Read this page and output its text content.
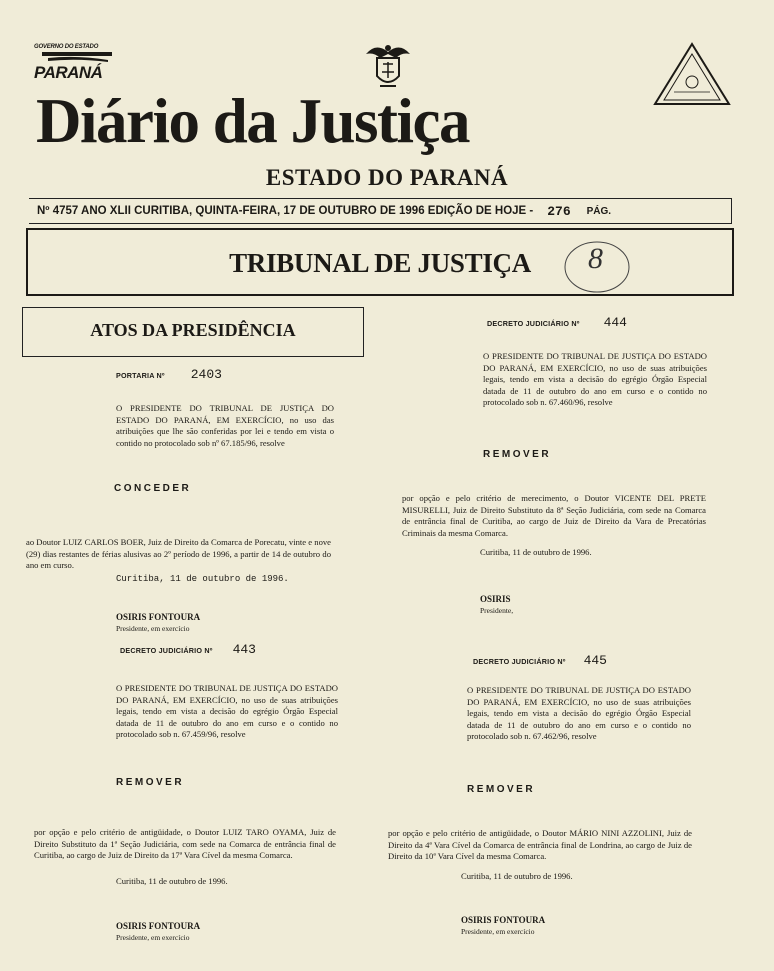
GOVERNO DO ESTADO
PARANÁ
Diário da Justiça
ESTADO DO PARANÁ
Nº 4757 ANO XLII CURITIBA, QUINTA-FEIRA, 17 DE OUTUBRO DE 1996 EDIÇÃO DE HOJE - 276 PÁG.
TRIBUNAL DE JUSTIÇA	8
ATOS DA PRESIDÊNCIA
PORTARIA Nº 2403
O PRESIDENTE DO TRIBUNAL DE JUSTIÇA DO ESTADO DO PARANÁ, EM EXERCÍCIO, no uso das atribuições que lhe são conferidas por lei e tendo em vista o contido no protocolado sob nº 67.185/96, resolve
CONCEDER
ao Doutor LUIZ CARLOS BOER, Juiz de Direito da Comarca de Porecatu, vinte e nove (29) dias restantes de férias alusivas ao 2º período de 1996, a partir de 14 de outubro do ano em curso.
Curitiba, 11 de outubro de 1996.
OSIRIS FONTOURA
Presidente, em exercício
DECRETO JUDICIÁRIO Nº 443
O PRESIDENTE DO TRIBUNAL DE JUSTIÇA DO ESTADO DO PARANÁ, EM EXERCÍCIO, no uso de suas atribuições legais, tendo em vista a decisão do egrégio Órgão Especial datada de 11 de outubro do ano em curso e o contido no protocolado sob n. 67.459/96, resolve
REMOVER
por opção e pelo critério de antigüidade, o Doutor LUIZ TARO OYAMA, Juiz de Direito Substituto da 1ª Seção Judiciária, com sede na Comarca de entrância final de Curitiba, ao cargo de Juiz de Direito da 17ª Vara Cível da mesma Comarca.
Curitiba, 11 de outubro de 1996.
OSIRIS FONTOURA
Presidente, em exercício
DECRETO JUDICIÁRIO Nº 444
O PRESIDENTE DO TRIBUNAL DE JUSTIÇA DO ESTADO DO PARANÁ, EM EXERCÍCIO, no uso de suas atribuições legais, tendo em vista a decisão do egrégio Órgão Especial datada de 11 de outubro do ano em curso e o contido no protocolado sob n. 67.460/96, resolve
REMOVER
por opção e pelo critério de merecimento, o Doutor VICENTE DEL PRETE MISURELLI, Juiz de Direito Substituto da 8ª Seção Judiciária, com sede na Comarca de entrância final de Curitiba, ao cargo de Juiz de Direito da Vara de Precatórias Criminais da mesma Comarca.
Curitiba, 11 de outubro de 1996.
OSIRIS
Presidente,
DECRETO JUDICIÁRIO Nº 445
O PRESIDENTE DO TRIBUNAL DE JUSTIÇA DO ESTADO DO PARANÁ, EM EXERCÍCIO, no uso de suas atribuições legais, tendo em vista a decisão do egrégio Órgão Especial datada de 11 de outubro do ano em curso e o contido no protocolado sob n. 67.462/96, resolve
REMOVER
por opção e pelo critério de antigüidade, o Doutor MÁRIO NINI AZZOLINI, Juiz de Direito da 4ª Vara Cível da Comarca de entrância final de Londrina, ao cargo de Juiz de Direito da 10ª Vara Cível da mesma Comarca.
Curitiba, 11 de outubro de 1996.
OSIRIS FONTOURA
Presidente, em exercício
